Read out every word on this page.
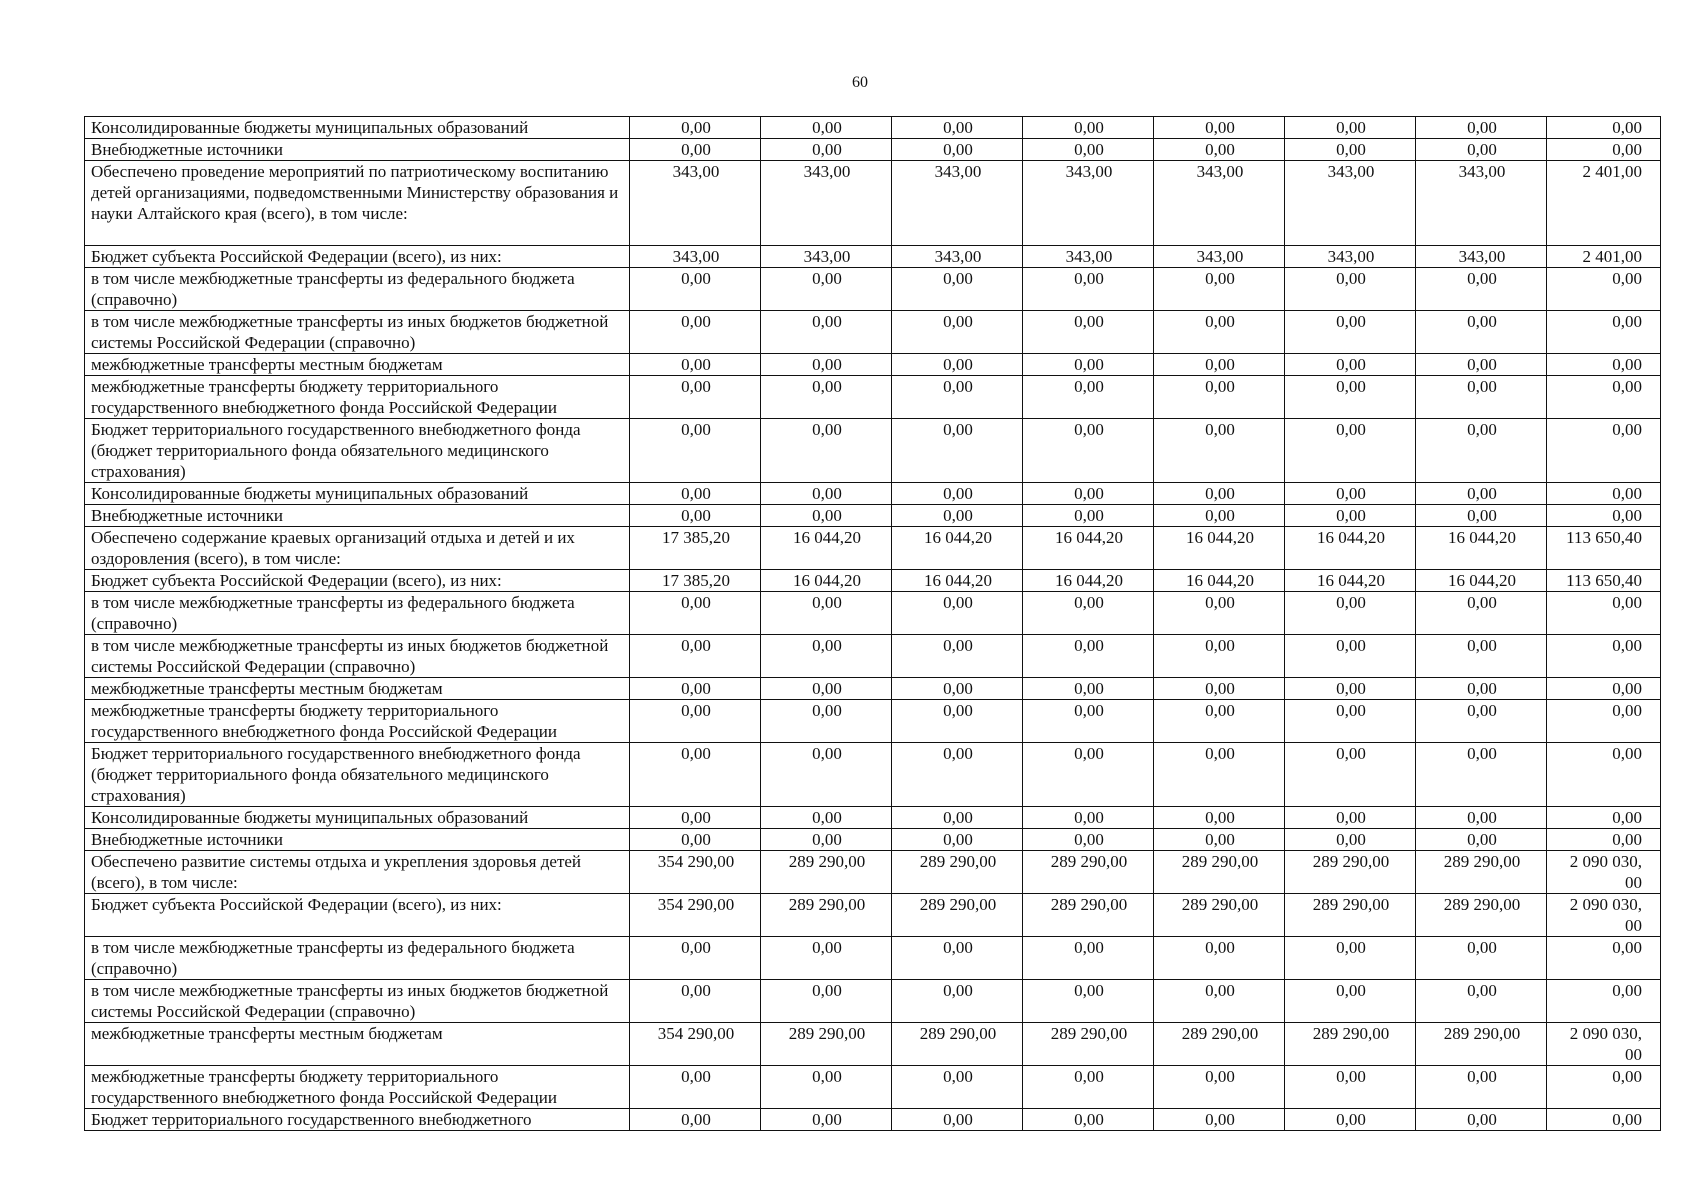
60
Консолидированные бюджеты муниципальных образований	0,00	0,00	0,00	0,00	0,00	0,00	0,00	0,00
Внебюджетные источники	0,00	0,00	0,00	0,00	0,00	0,00	0,00	0,00
Обеспечено проведение мероприятий по патриотическому воспитанию детей организациями, подведомственными Министерству образования и науки Алтайского края (всего), в том числе:	343,00	343,00	343,00	343,00	343,00	343,00	343,00	2 401,00
Бюджет субъекта Российской Федерации (всего), из них:	343,00	343,00	343,00	343,00	343,00	343,00	343,00	2 401,00
в том числе межбюджетные трансферты из федерального бюджета (справочно)	0,00	0,00	0,00	0,00	0,00	0,00	0,00	0,00
в том числе межбюджетные трансферты из иных бюджетов бюджетной системы Российской Федерации (справочно)	0,00	0,00	0,00	0,00	0,00	0,00	0,00	0,00
межбюджетные трансферты местным бюджетам	0,00	0,00	0,00	0,00	0,00	0,00	0,00	0,00
межбюджетные трансферты бюджету территориального государственного внебюджетного фонда Российской Федерации	0,00	0,00	0,00	0,00	0,00	0,00	0,00	0,00
Бюджет территориального государственного внебюджетного фонда (бюджет территориального фонда обязательного медицинского страхования)	0,00	0,00	0,00	0,00	0,00	0,00	0,00	0,00
Консолидированные бюджеты муниципальных образований	0,00	0,00	0,00	0,00	0,00	0,00	0,00	0,00
Внебюджетные источники	0,00	0,00	0,00	0,00	0,00	0,00	0,00	0,00
Обеспечено содержание краевых организаций отдыха и детей и их оздоровления (всего), в том числе:	17 385,20	16 044,20	16 044,20	16 044,20	16 044,20	16 044,20	16 044,20	113 650,40
Бюджет субъекта Российской Федерации (всего), из них:	17 385,20	16 044,20	16 044,20	16 044,20	16 044,20	16 044,20	16 044,20	113 650,40
в том числе межбюджетные трансферты из федерального бюджета (справочно)	0,00	0,00	0,00	0,00	0,00	0,00	0,00	0,00
в том числе межбюджетные трансферты из иных бюджетов бюджетной системы Российской Федерации (справочно)	0,00	0,00	0,00	0,00	0,00	0,00	0,00	0,00
межбюджетные трансферты местным бюджетам	0,00	0,00	0,00	0,00	0,00	0,00	0,00	0,00
межбюджетные трансферты бюджету территориального государственного внебюджетного фонда Российской Федерации	0,00	0,00	0,00	0,00	0,00	0,00	0,00	0,00
Бюджет территориального государственного внебюджетного фонда (бюджет территориального фонда обязательного медицинского страхования)	0,00	0,00	0,00	0,00	0,00	0,00	0,00	0,00
Консолидированные бюджеты муниципальных образований	0,00	0,00	0,00	0,00	0,00	0,00	0,00	0,00
Внебюджетные источники	0,00	0,00	0,00	0,00	0,00	0,00	0,00	0,00
Обеспечено развитие системы отдыха и укрепления здоровья детей (всего), в том числе:	354 290,00	289 290,00	289 290,00	289 290,00	289 290,00	289 290,00	289 290,00	2 090 030, 00
Бюджет субъекта Российской Федерации (всего), из них:	354 290,00	289 290,00	289 290,00	289 290,00	289 290,00	289 290,00	289 290,00	2 090 030, 00
в том числе межбюджетные трансферты из федерального бюджета (справочно)	0,00	0,00	0,00	0,00	0,00	0,00	0,00	0,00
в том числе межбюджетные трансферты из иных бюджетов бюджетной системы Российской Федерации (справочно)	0,00	0,00	0,00	0,00	0,00	0,00	0,00	0,00
межбюджетные трансферты местным бюджетам	354 290,00	289 290,00	289 290,00	289 290,00	289 290,00	289 290,00	289 290,00	2 090 030, 00
межбюджетные трансферты бюджету территориального государственного внебюджетного фонда Российской Федерации	0,00	0,00	0,00	0,00	0,00	0,00	0,00	0,00
Бюджет территориального государственного внебюджетного	0,00	0,00	0,00	0,00	0,00	0,00	0,00	0,00
